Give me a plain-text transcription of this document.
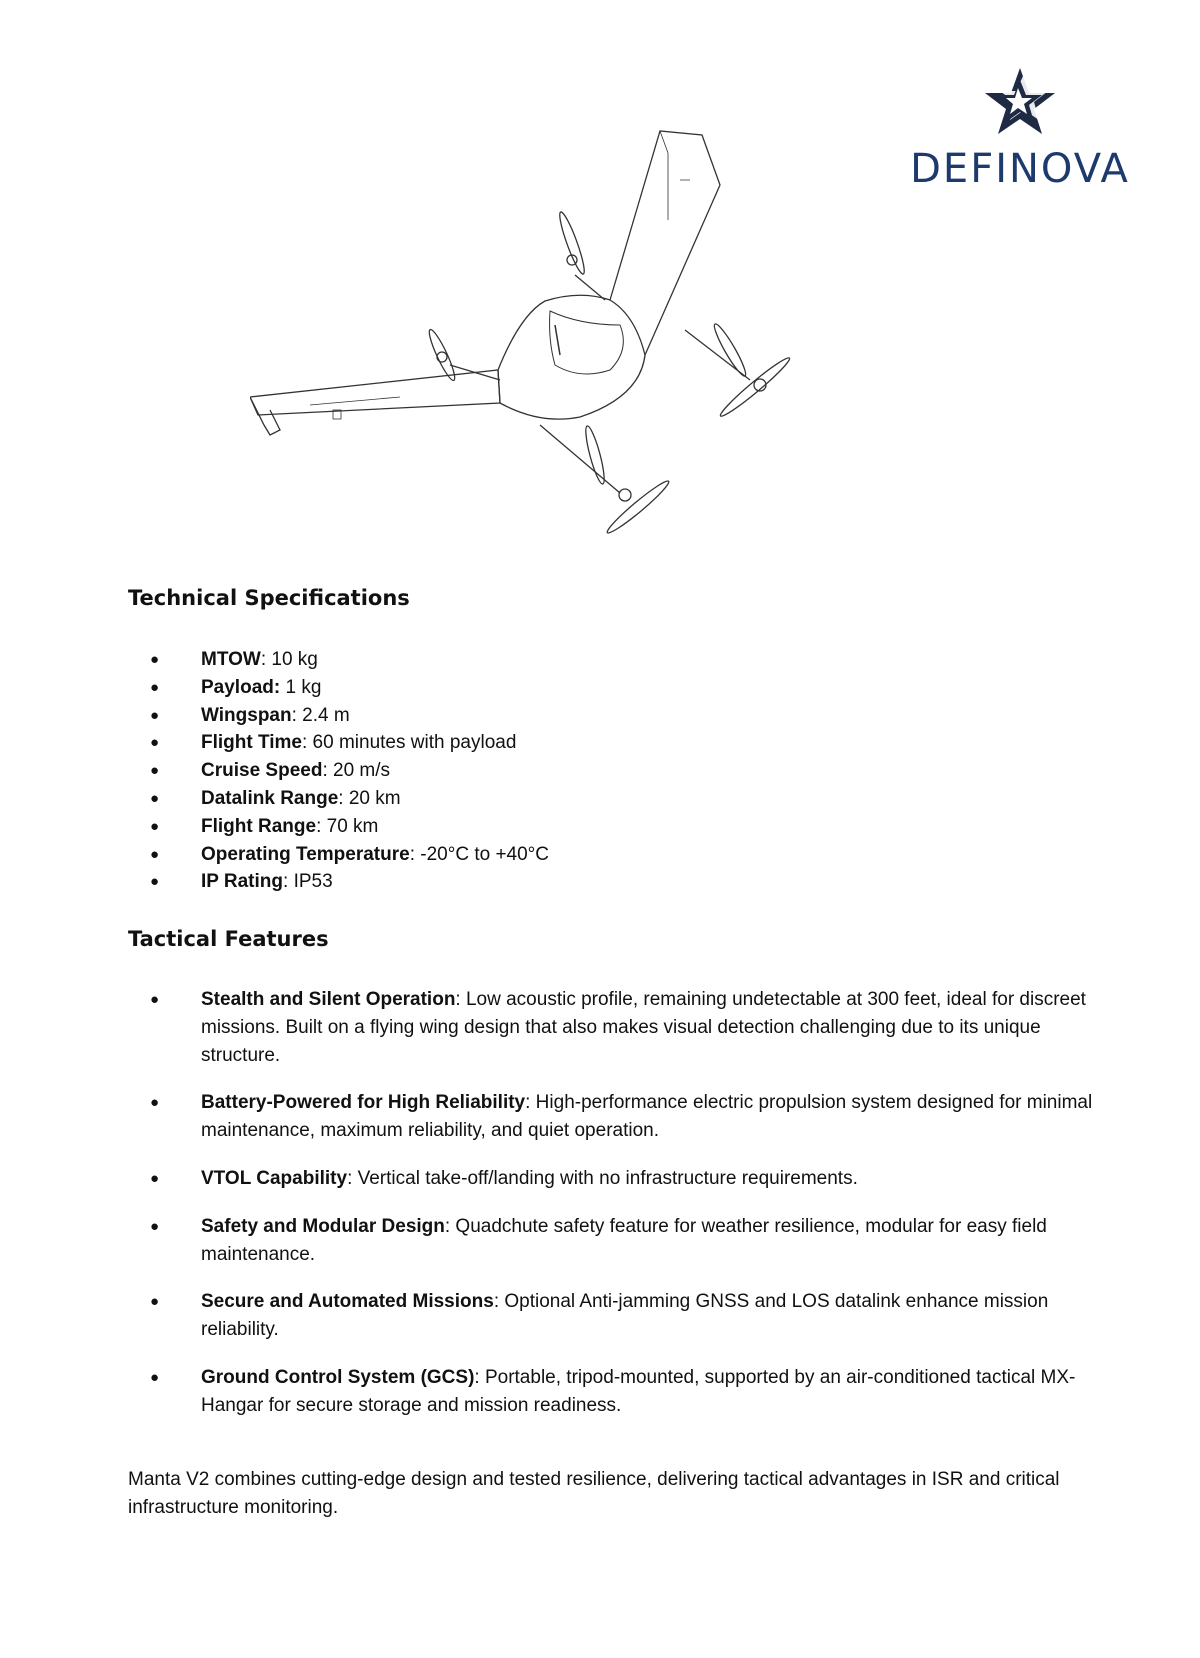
DEFINOVA
Technical Specifications
● MTOW: 10 kg
● Payload: 1 kg
● Wingspan: 2.4 m
● Flight Time: 60 minutes with payload
● Cruise Speed: 20 m/s
● Datalink Range: 20 km
● Flight Range: 70 km
● Operating Temperature: -20°C to +40°C
● IP Rating: IP53
Tactical Features
● Stealth and Silent Operation: Low acoustic profile, remaining undetectable at 300 feet, ideal for discreet missions. Built on a flying wing design that also makes visual detection challenging due to its unique structure.
● Battery-Powered for High Reliability: High-performance electric propulsion system designed for minimal maintenance, maximum reliability, and quiet operation.
● VTOL Capability: Vertical take-off/landing with no infrastructure requirements.
● Safety and Modular Design: Quadchute safety feature for weather resilience, modular for easy field maintenance.
● Secure and Automated Missions: Optional Anti-jamming GNSS and LOS datalink enhance mission reliability.
● Ground Control System (GCS): Portable, tripod-mounted, supported by an air-conditioned tactical MX-Hangar for secure storage and mission readiness.

Manta V2 combines cutting-edge design and tested resilience, delivering tactical advantages in ISR and critical infrastructure monitoring.
